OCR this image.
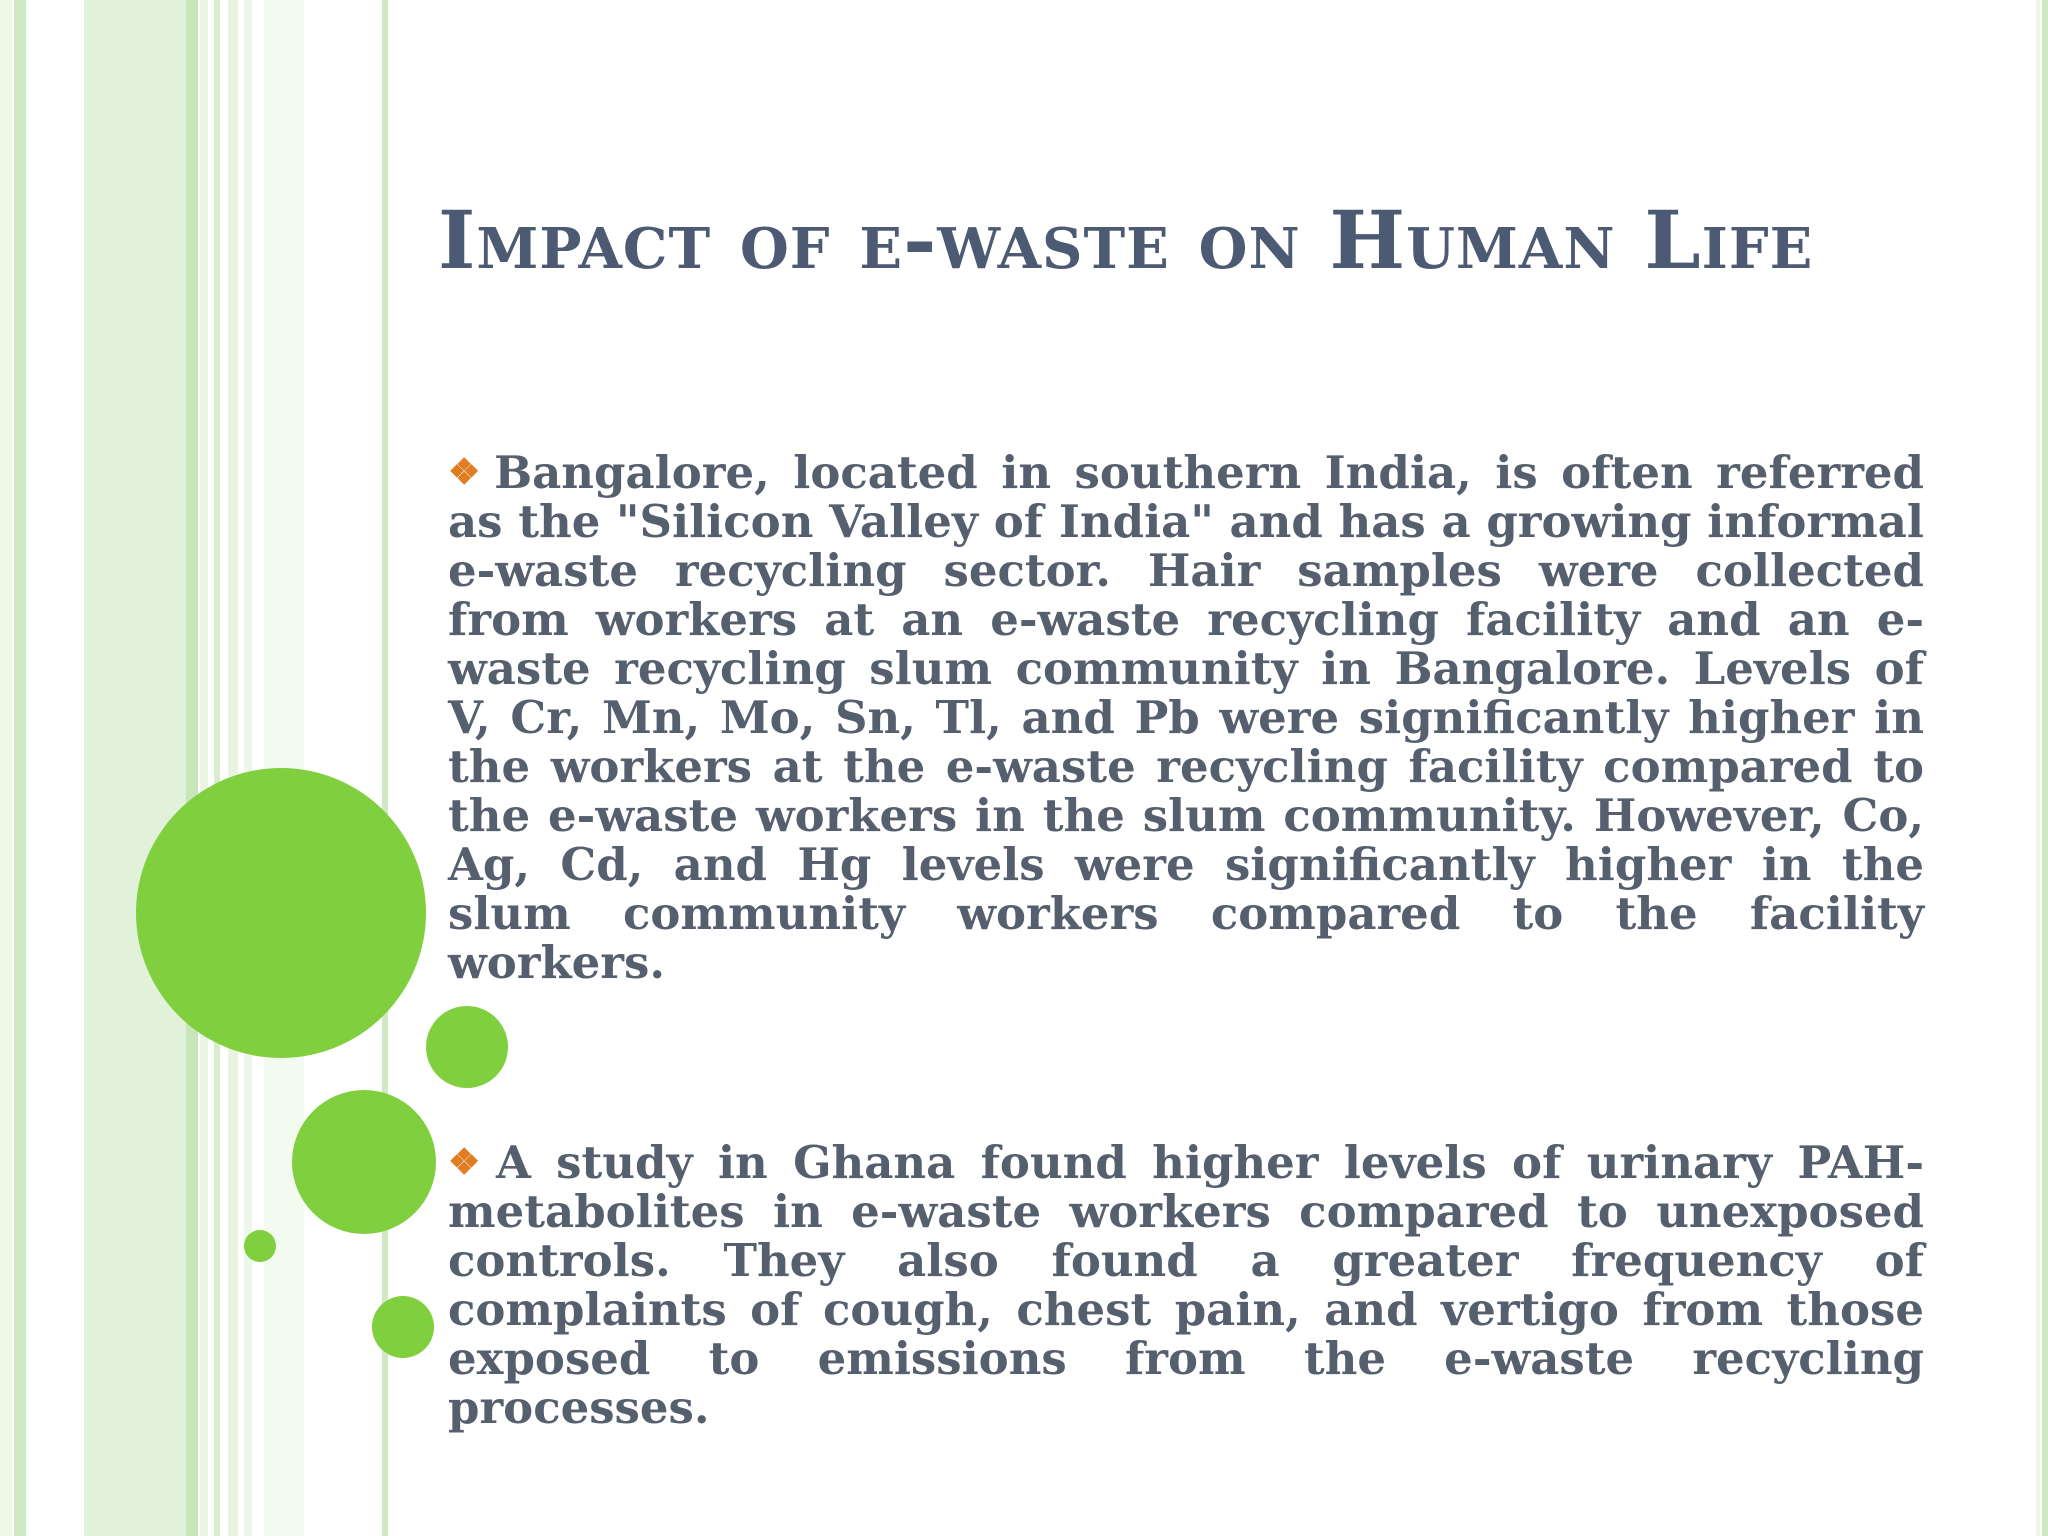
Impact of e-waste on Human Life

❖ Bangalore, located in southern India, is often referred as the "Silicon Valley of India" and has a growing informal e-waste recycling sector. Hair samples were collected from workers at an e-waste recycling facility and an e-waste recycling slum community in Bangalore. Levels of V, Cr, Mn, Mo, Sn, Tl, and Pb were significantly higher in the workers at the e-waste recycling facility compared to the e-waste workers in the slum community. However, Co, Ag, Cd, and Hg levels were significantly higher in the slum community workers compared to the facility workers.

❖ A study in Ghana found higher levels of urinary PAH-metabolites in e-waste workers compared to unexposed controls. They also found a greater frequency of complaints of cough, chest pain, and vertigo from those exposed to emissions from the e-waste recycling processes.
